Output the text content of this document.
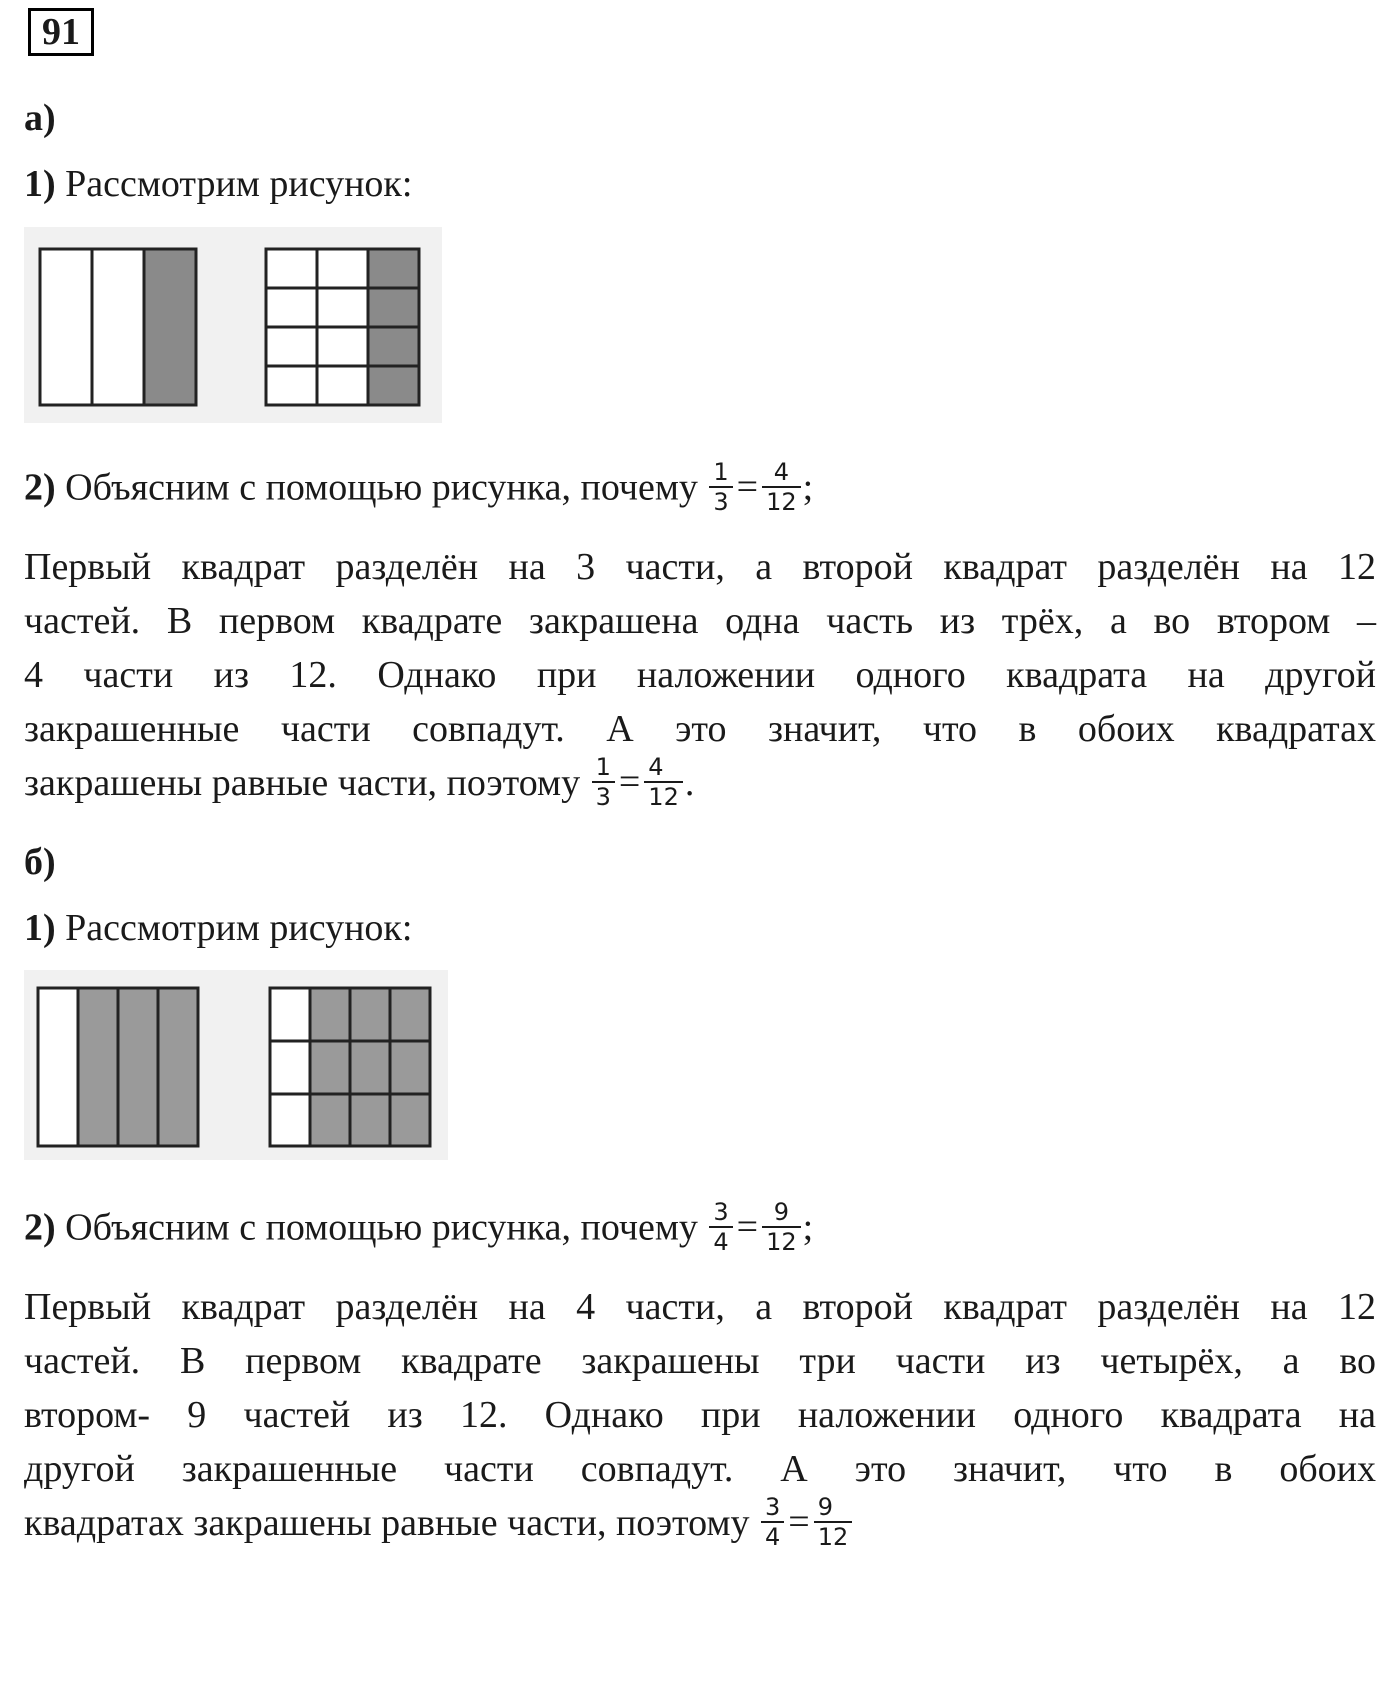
91
а)
1) Рассмотрим рисунок:
2) Объясним с помощью рисунка, почему $\frac{1}{3} = \frac{4}{12}$ ;
Первый квадрат разделён на 3 части, а второй квадрат разделён на 12
частей. В первом квадрате закрашена одна часть из трёх, а во втором –
4 части из 12. Однако при наложении одного квадрата на другой
закрашенные части совпадут. А это значит, что в обоих квадратах
закрашены равные части, поэтому $\frac{1}{3} = \frac{4}{12}$ .
б)
1) Рассмотрим рисунок:
2) Объясним с помощью рисунка, почему $\frac{3}{4} = \frac{9}{12}$ ;
Первый квадрат разделён на 4 части, а второй квадрат разделён на 12
частей. В первом квадрате закрашены три части из четырёх, а во
втором- 9 частей из 12. Однако при наложении одного квадрата на
другой закрашенные части совпадут. А это значит, что в обоих
квадратах закрашены равные части, поэтому $\frac{3}{4} = \frac{9}{12}$
